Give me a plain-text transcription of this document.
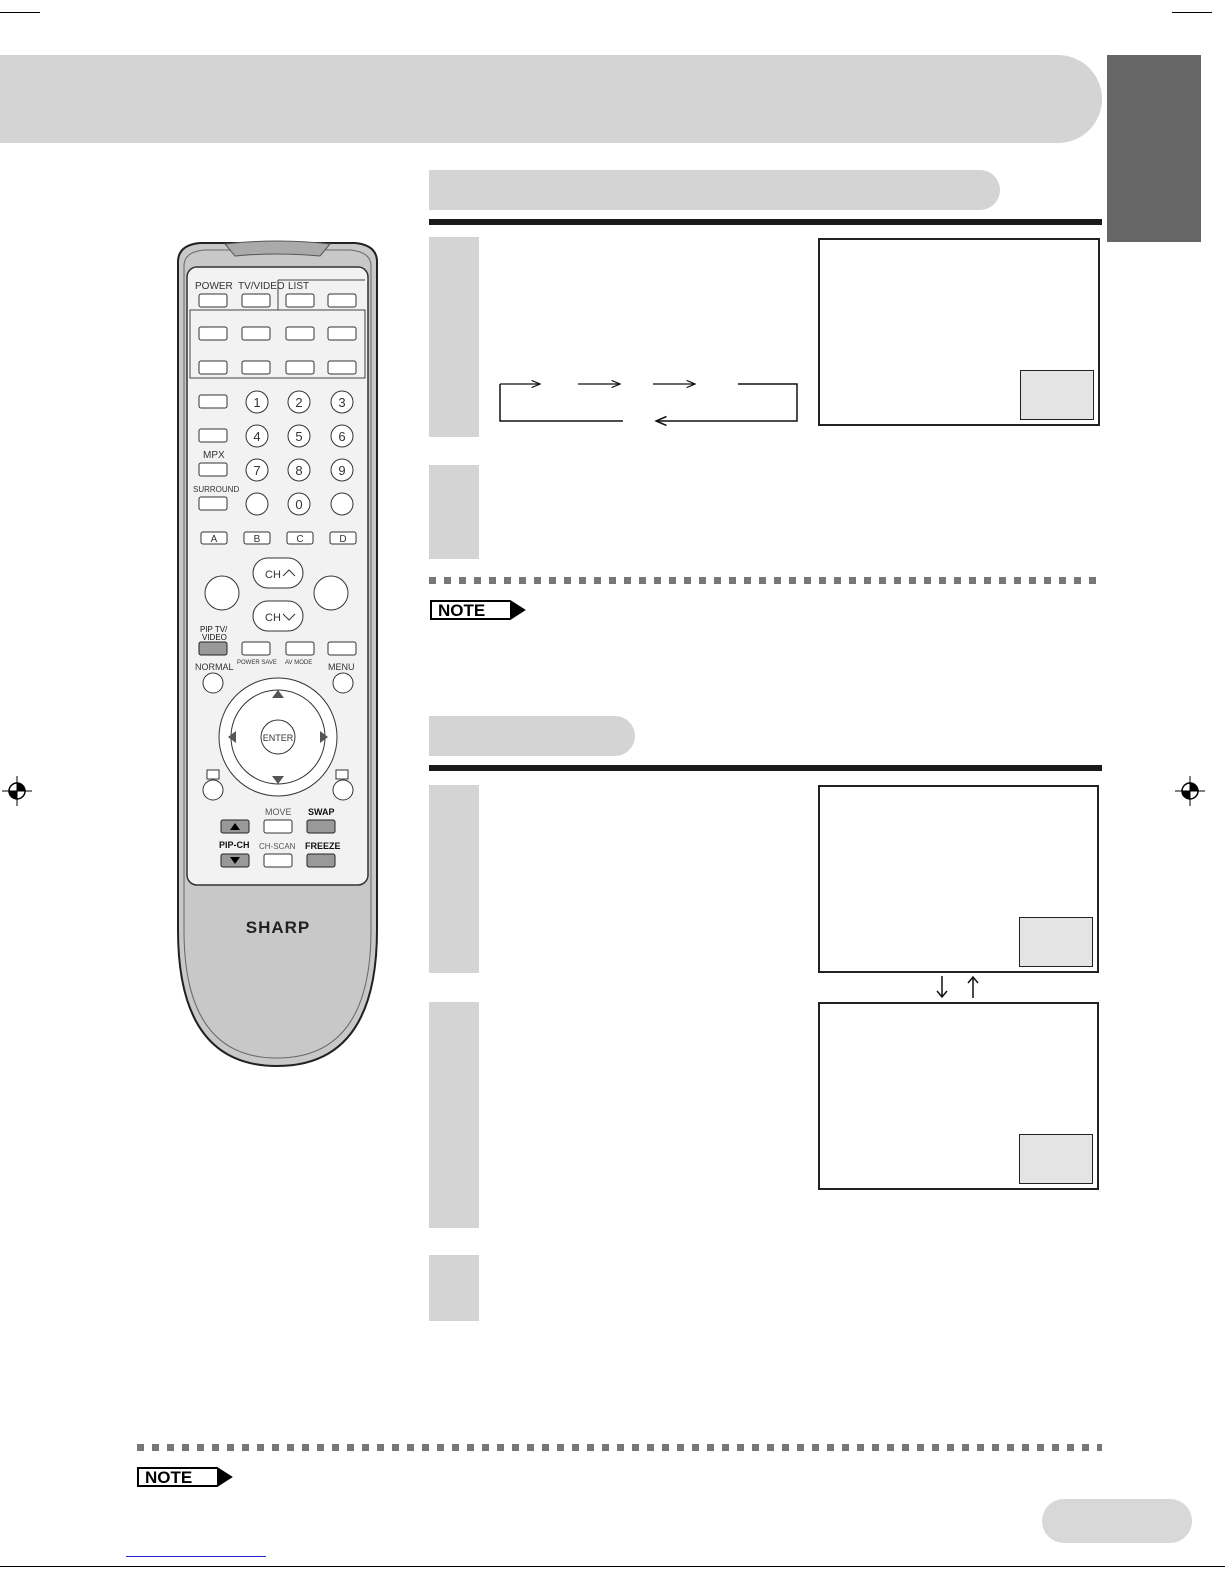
NOTE
NOTE
POWER TV/VIDEO LIST
MPX
SURROUND
1	2	3
4	5	6
7	8	9
0
A	B	C	D
CH
CH
PIP TV/
VIDEO
POWER SAVE AV MODE
NORMAL	MENU
ENTER
MOVE SWAP
PIP-CH CH-SCAN FREEZE
SHARP
